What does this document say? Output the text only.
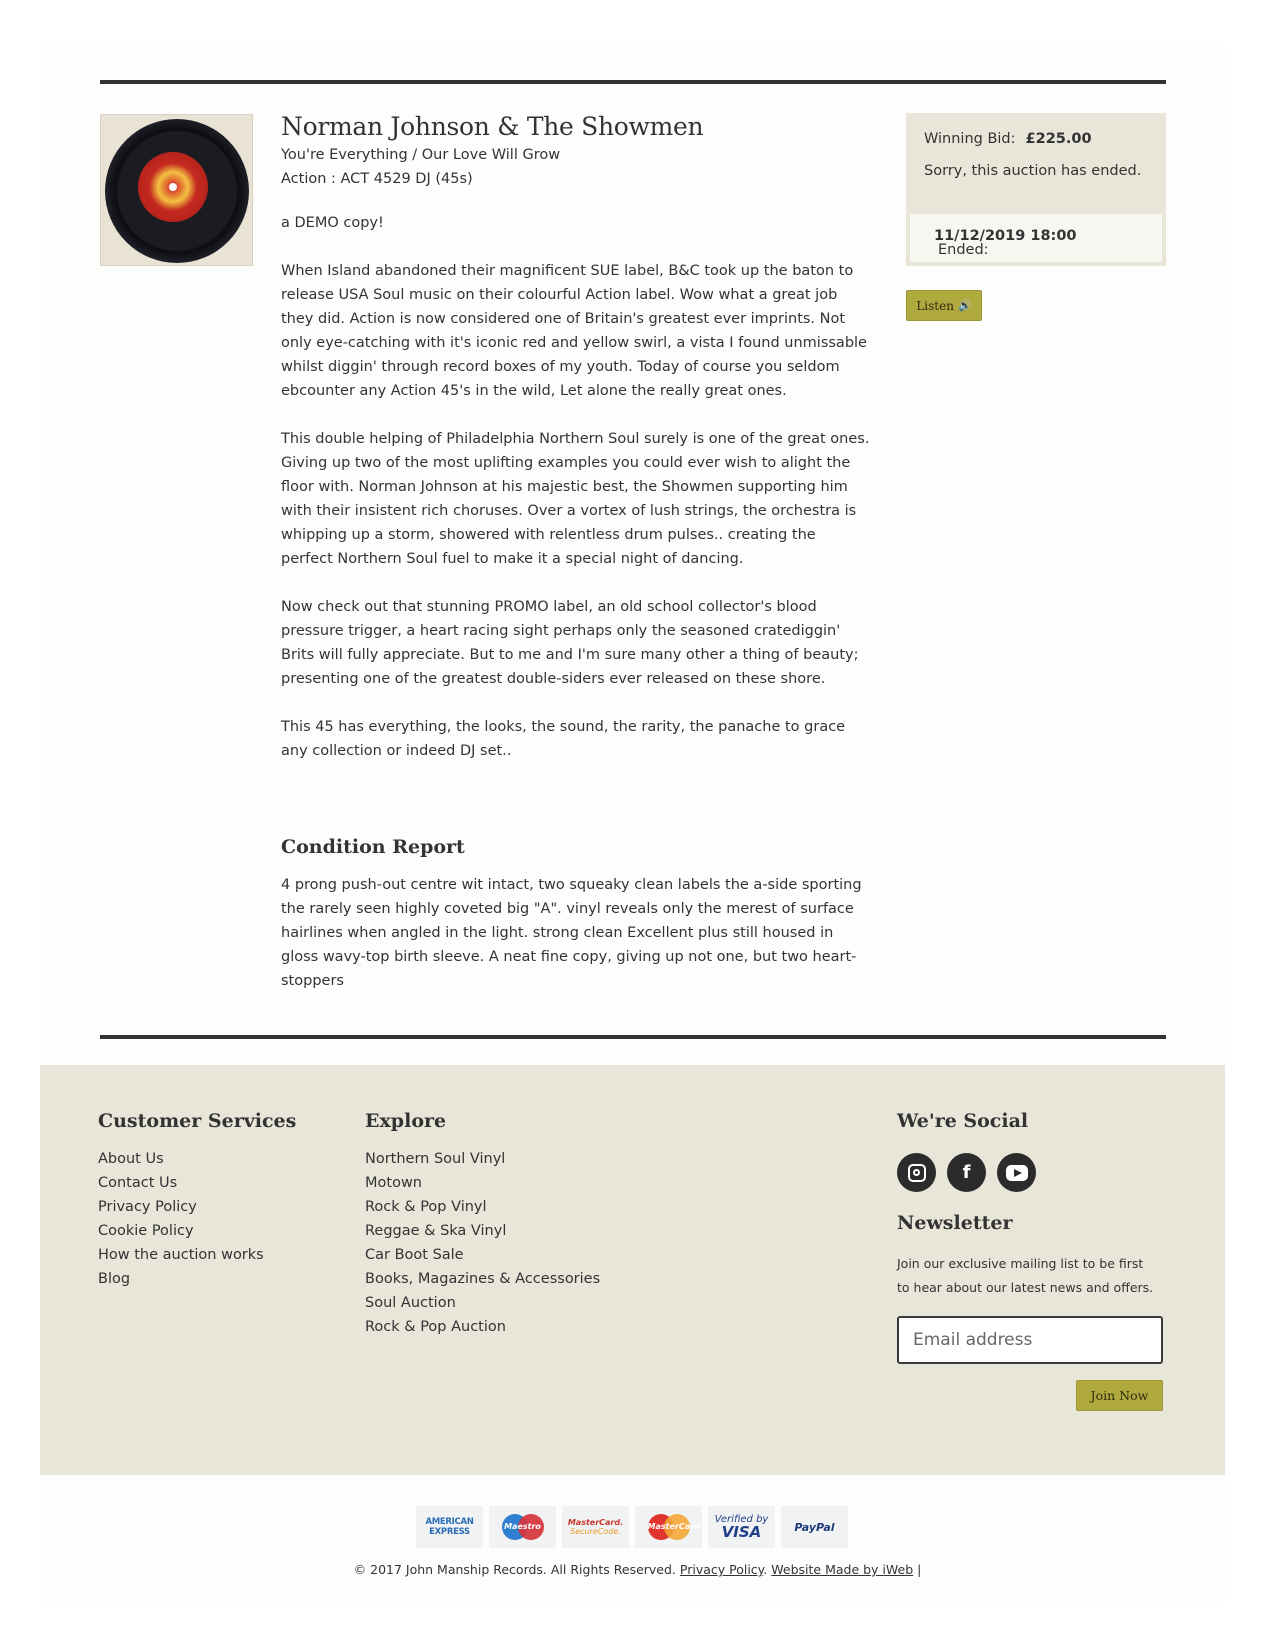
Norman Johnson & The Showmen
You're Everything / Our Love Will Grow
Action : ACT 4529 DJ (45s)

a DEMO copy!

When Island abandoned their magnificent SUE label, B&C took up the baton to release USA Soul music on their colourful Action label. Wow what a great job they did. Action is now considered one of Britain's greatest ever imprints. Not only eye-catching with it's iconic red and yellow swirl, a vista I found unmissable whilst diggin' through record boxes of my youth. Today of course you seldom ebcounter any Action 45's in the wild, Let alone the really great ones.

This double helping of Philadelphia Northern Soul surely is one of the great ones. Giving up two of the most uplifting examples you could ever wish to alight the floor with. Norman Johnson at his majestic best, the Showmen supporting him with their insistent rich choruses. Over a vortex of lush strings, the orchestra is whipping up a storm, showered with relentless drum pulses.. creating the perfect Northern Soul fuel to make it a special night of dancing.

Now check out that stunning PROMO label, an old school collector's blood pressure trigger, a heart racing sight perhaps only the seasoned cratediggin' Brits will fully appreciate. But to me and I'm sure many other a thing of beauty; presenting one of the greatest double-siders ever released on these shore.

This 45 has everything, the looks, the sound, the rarity, the panache to grace any collection or indeed DJ set..

Condition Report

4 prong push-out centre wit intact, two squeaky clean labels the a-side sporting the rarely seen highly coveted big "A". vinyl reveals only the merest of surface hairlines when angled in the light. strong clean Excellent plus still housed in gloss wavy-top birth sleeve. A neat fine copy, giving up not one, but two heart-stoppers

Winning Bid: £225.00
Sorry, this auction has ended.
Ended:
11/12/2019 18:00
Listen 🔊
Customer Services
About Us
Contact Us
Privacy Policy
Cookie Policy
How the auction works
Blog
Explore
Northern Soul Vinyl
Motown
Rock & Pop Vinyl
Reggae & Ska Vinyl
Car Boot Sale
Books, Magazines & Accessories
Soul Auction
Rock & Pop Auction
We're Social
f
Newsletter

Join our exclusive mailing list to be first to hear about our latest news and offers.

Email address
Join Now
AMERICAN
EXPRESS
Maestro	MasterCard.
SecureCode.
MasterCard
Verified by
VISA	PayPal
© 2017 John Manship Records. All Rights Reserved. Privacy Policy. Website Made by iWeb |
